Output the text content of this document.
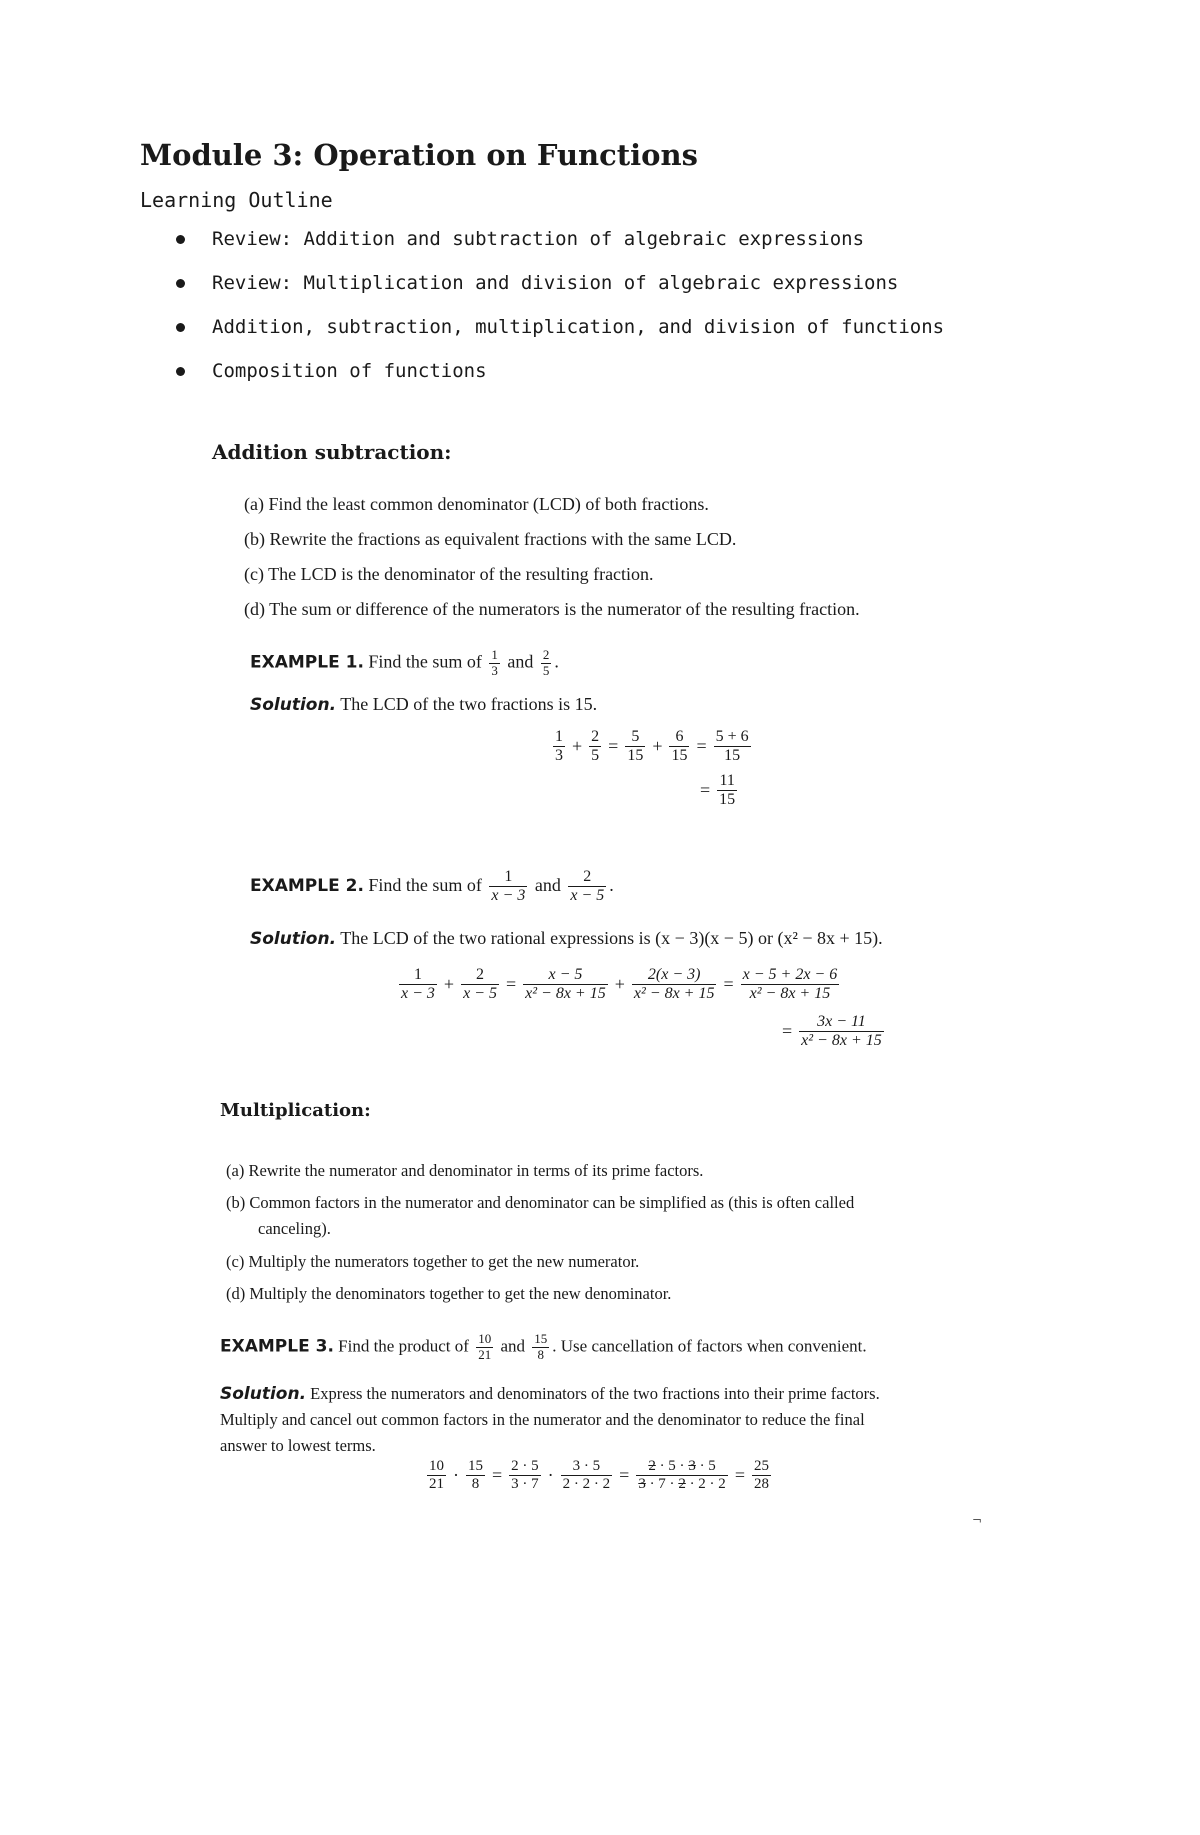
Module 3: Operation on Functions
Learning Outline
Review: Addition and subtraction of algebraic expressions
Review: Multiplication and division of algebraic expressions
Addition, subtraction, multiplication, and division of functions
Composition of functions
Addition subtraction:
(a) Find the least common denominator (LCD) of both fractions.
(b) Rewrite the fractions as equivalent fractions with the same LCD.
(c) The LCD is the denominator of the resulting fraction.
(d) The sum or difference of the numerators is the numerator of the resulting fraction.
EXAMPLE 1. Find the sum of $\frac{1}{3}$ and $\frac{2}{5}$ .
Solution. The LCD of the two fractions is 15.
$\frac{1}{3} + \frac{2}{5} = \frac{5}{15} + \frac{6}{15} = \frac{5 + 6}{15}$
= $\frac{11}{15}$
EXAMPLE 2. Find the sum of $\frac{1}{x - 3}$ and $\frac{2}{x - 5}$ .
Solution. The LCD of the two rational expressions is (x − 3)(x − 5) or (x² − 8x + 15).
$\frac{1}{x - 3} + \frac{2}{x - 5} = \frac{x - 5}{\text{x² − 8x + 15}} + \frac{2(x - 3)}{\text{x² − 8x + 15}} = \frac{x - 5 + 2x - 6}{\text{x² − 8x + 15}}$
= $\frac{3x - 11}{\text{x² − 8x + 15}}$
Multiplication:
(a) Rewrite the numerator and denominator in terms of its prime factors.
(b) Common factors in the numerator and denominator can be simplified as (this is often called
canceling).
(c) Multiply the numerators together to get the new numerator.
(d) Multiply the denominators together to get the new denominator.
EXAMPLE 3. Find the product of $\frac{10}{21}$ and $\frac{15}{8}$ . Use cancellation of factors when convenient.
Solution. Express the numerators and denominators of the two fractions into their prime factors.
Multiply and cancel out common factors in the numerator and the denominator to reduce the final
answer to lowest terms.
$\frac{10}{21} \cdot \frac{15}{8} = \frac{2 \cdot 5}{3 \cdot 7} \cdot \frac{3 \cdot 5}{2 \cdot 2 \cdot 2} = \frac{2 \cdot 5 \cdot 3 \cdot 5}{3 \cdot 7 \cdot 2 \cdot 2 \cdot 2} = \frac{25}{28}$
¬
